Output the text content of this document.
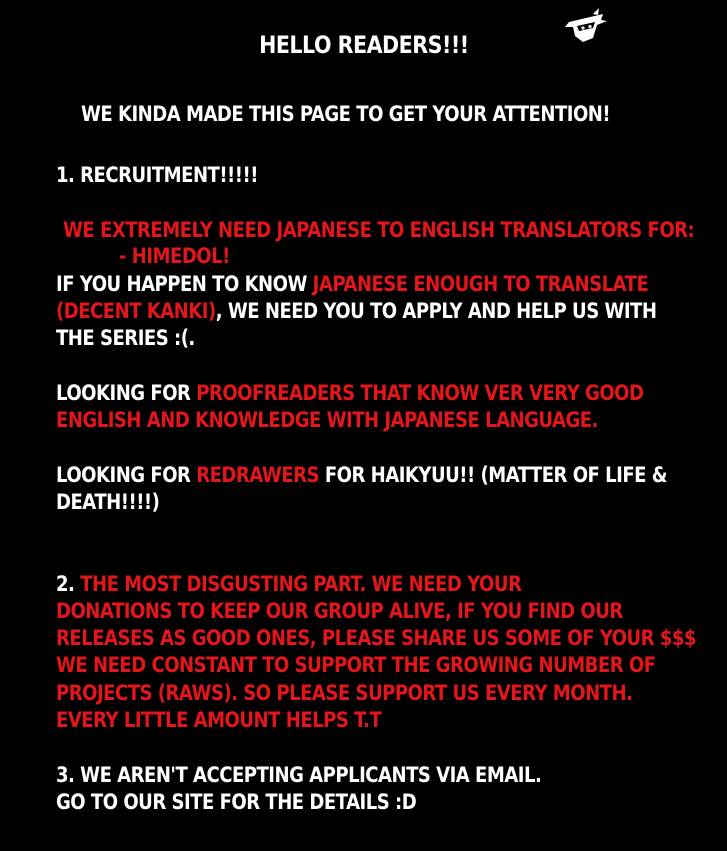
HELLO READERS!!!
WE KINDA MADE THIS PAGE TO GET YOUR ATTENTION!
1. RECRUITMENT!!!!!
WE EXTREMELY NEED JAPANESE TO ENGLISH TRANSLATORS FOR:
- HIMEDOL!
IF YOU HAPPEN TO KNOW JAPANESE ENOUGH TO TRANSLATE
(DECENT KANKI), WE NEED YOU TO APPLY AND HELP US WITH
THE SERIES :(.
LOOKING FOR PROOFREADERS THAT KNOW VER VERY GOOD
ENGLISH AND KNOWLEDGE WITH JAPANESE LANGUAGE.
LOOKING FOR REDRAWERS FOR HAIKYUU!! (MATTER OF LIFE &
DEATH!!!!)
2. THE MOST DISGUSTING PART. WE NEED YOUR
DONATIONS TO KEEP OUR GROUP ALIVE, IF YOU FIND OUR
RELEASES AS GOOD ONES, PLEASE SHARE US SOME OF YOUR $$$
WE NEED CONSTANT TO SUPPORT THE GROWING NUMBER OF
PROJECTS (RAWS). SO PLEASE SUPPORT US EVERY MONTH.
EVERY LITTLE AMOUNT HELPS T.T
3. WE AREN'T ACCEPTING APPLICANTS VIA EMAIL.
GO TO OUR SITE FOR THE DETAILS :D
